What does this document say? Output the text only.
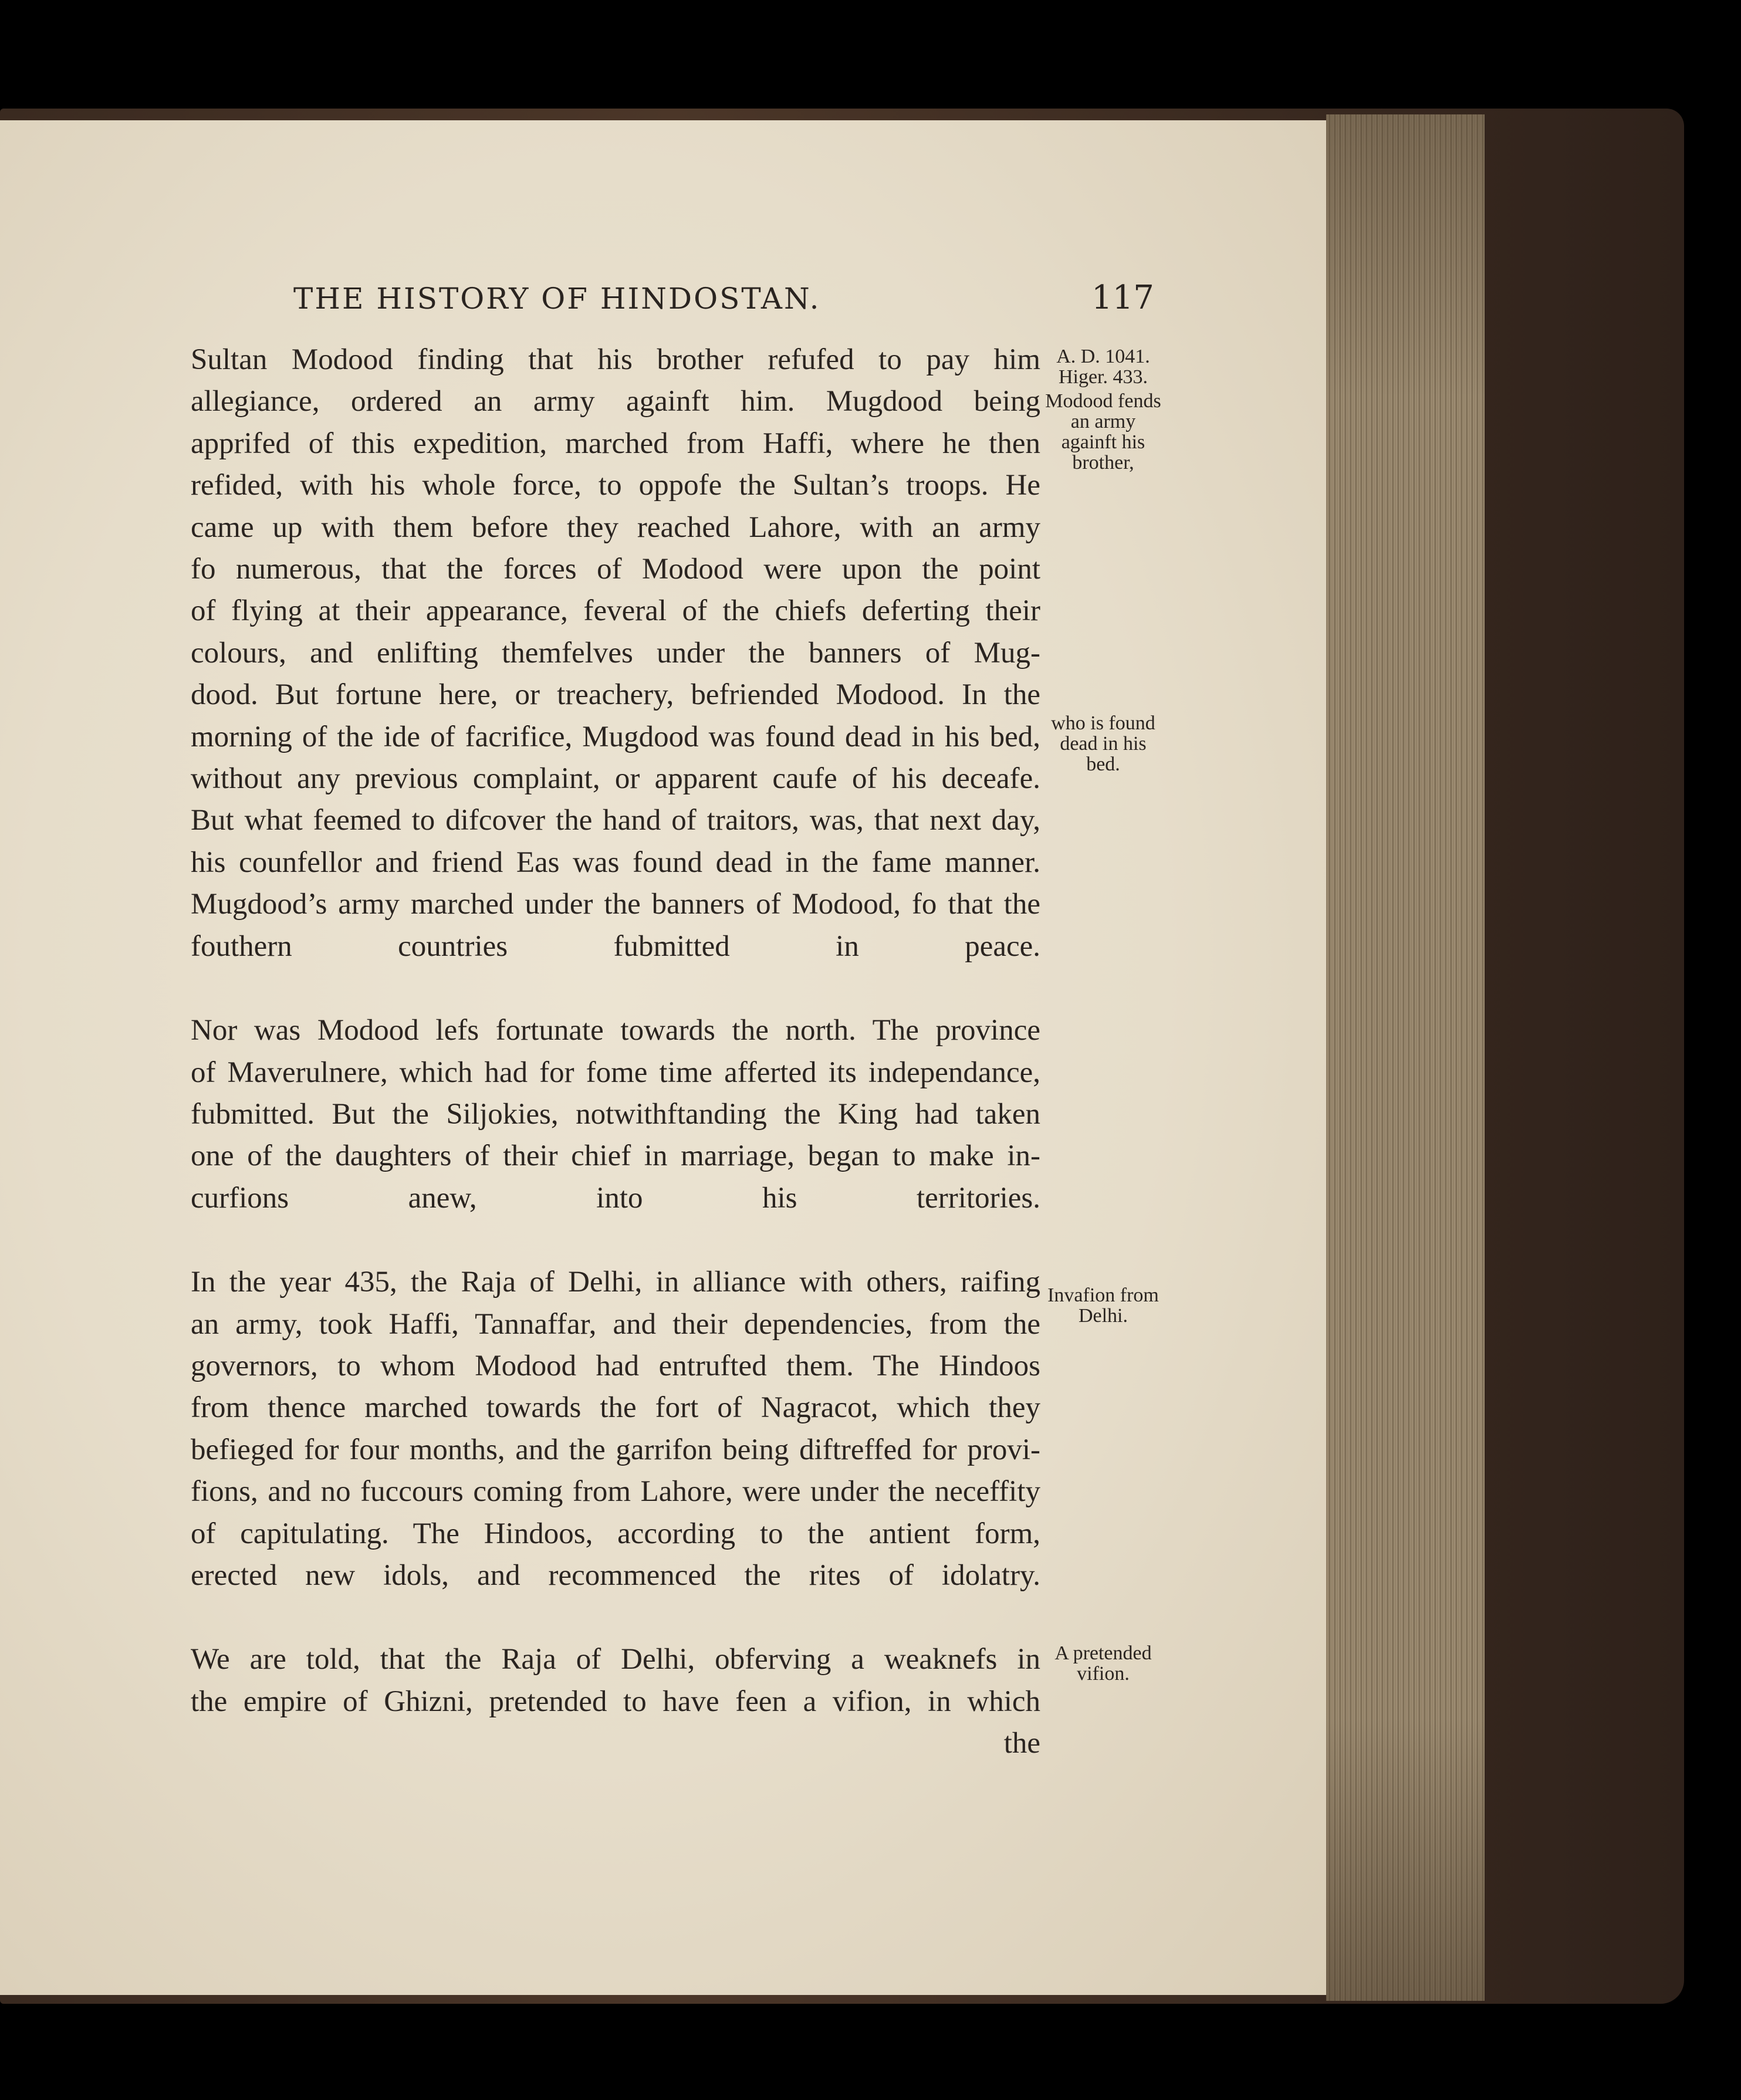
THE HISTORY OF HINDOSTAN.	117
Sultan Modood finding that his brother refufed to pay him
allegiance, ordered an army againft him. Mugdood being
apprifed of this expedition, marched from Haffi, where he then
refided, with his whole force, to oppofe the Sultan’s troops. He
came up with them before they reached Lahore, with an army
fo numerous, that the forces of Modood were upon the point
of flying at their appearance, feveral of the chiefs deferting their
colours, and enlifting themfelves under the banners of Mug-
dood. But fortune here, or treachery, befriended Modood. In the
morning of the ide of facrifice, Mugdood was found dead in his bed,
without any previous complaint, or apparent caufe of his deceafe.
But what feemed to difcover the hand of traitors, was, that next day,
his counfellor and friend Eas was found dead in the fame manner.
Mugdood’s army marched under the banners of Modood, fo that the
fouthern countries fubmitted in peace.
Nor was Modood lefs fortunate towards the north. The province
of Maverulnere, which had for fome time afferted its independance,
fubmitted. But the Siljokies, notwithftanding the King had taken
one of the daughters of their chief in marriage, began to make in-
curfions anew, into his territories.
In the year 435, the Raja of Delhi, in alliance with others, raifing
an army, took Haffi, Tannaffar, and their dependencies, from the
governors, to whom Modood had entrufted them. The Hindoos
from thence marched towards the fort of Nagracot, which they
befieged for four months, and the garrifon being diftreffed for provi-
fions, and no fuccours coming from Lahore, were under the neceffity
of capitulating. The Hindoos, according to the antient form,
erected new idols, and recommenced the rites of idolatry.
We are told, that the Raja of Delhi, obferving a weaknefs in
the empire of Ghizni, pretended to have feen a vifion, in which
the
A. D. 1041.
Higer. 433.
Modood fends
an army
againft his
brother,
who is found
dead in his
bed.
Invafion from
Delhi.
A pretended
vifion.
